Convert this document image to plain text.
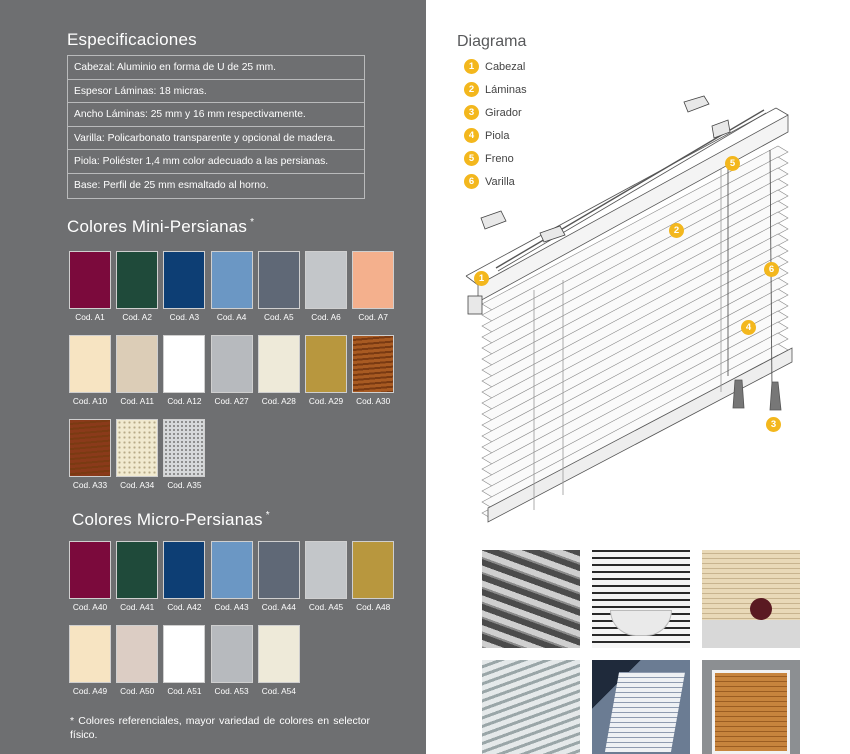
Especificaciones
Cabezal: Aluminio en forma de U de 25 mm.
Espesor Láminas: 18 micras.
Ancho Láminas: 25 mm y 16 mm respectivamente.
Varilla: Policarbonato transparente y opcional de madera.
Piola: Poliéster 1,4 mm color adecuado a las persianas.
Base: Perfil de 25 mm esmaltado al horno.
Colores Mini-Persianas *
Cod. A1	Cod. A2	Cod. A3	Cod. A4	Cod. A5	Cod. A6	Cod. A7
Cod. A10	Cod. A11	Cod. A12	Cod. A27	Cod. A28	Cod. A29	Cod. A30
Cod. A33	Cod. A34	Cod. A35
Colores Micro-Persianas *
Cod. A40	Cod. A41	Cod. A42	Cod. A43	Cod. A44	Cod. A45	Cod. A48
Cod. A49	Cod. A50	Cod. A51	Cod. A53	Cod. A54
* Colores referenciales, mayor variedad de colores en selector físico.
Diagrama
1 Cabezal
2 Láminas
3 Girador
4 Piola
5 Freno
6 Varilla
1
2
3
4
5
6
